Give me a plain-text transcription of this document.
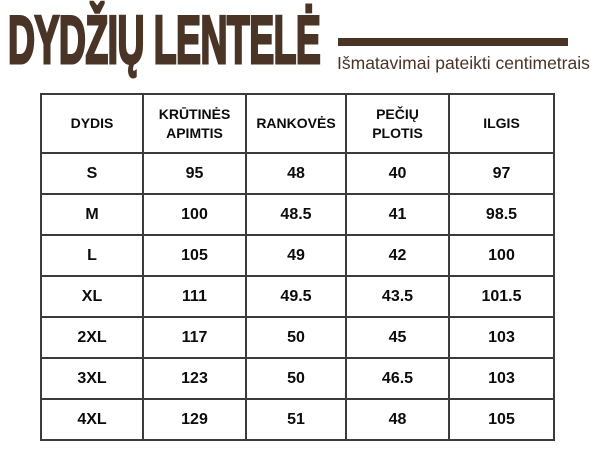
DYDŽIŲ LENTELĖ Išmatavimai pateikti centimetrais
DYDIS	KRŪTINĖS APIMTIS	RANKOVĖS	PEČIŲ PLOTIS	ILGIS
S	95	48	40	97
M	100	48.5	41	98.5
L	105	49	42	100
XL	111	49.5	43.5	101.5
2XL	117	50	45	103
3XL	123	50	46.5	103
4XL	129	51	48	105
